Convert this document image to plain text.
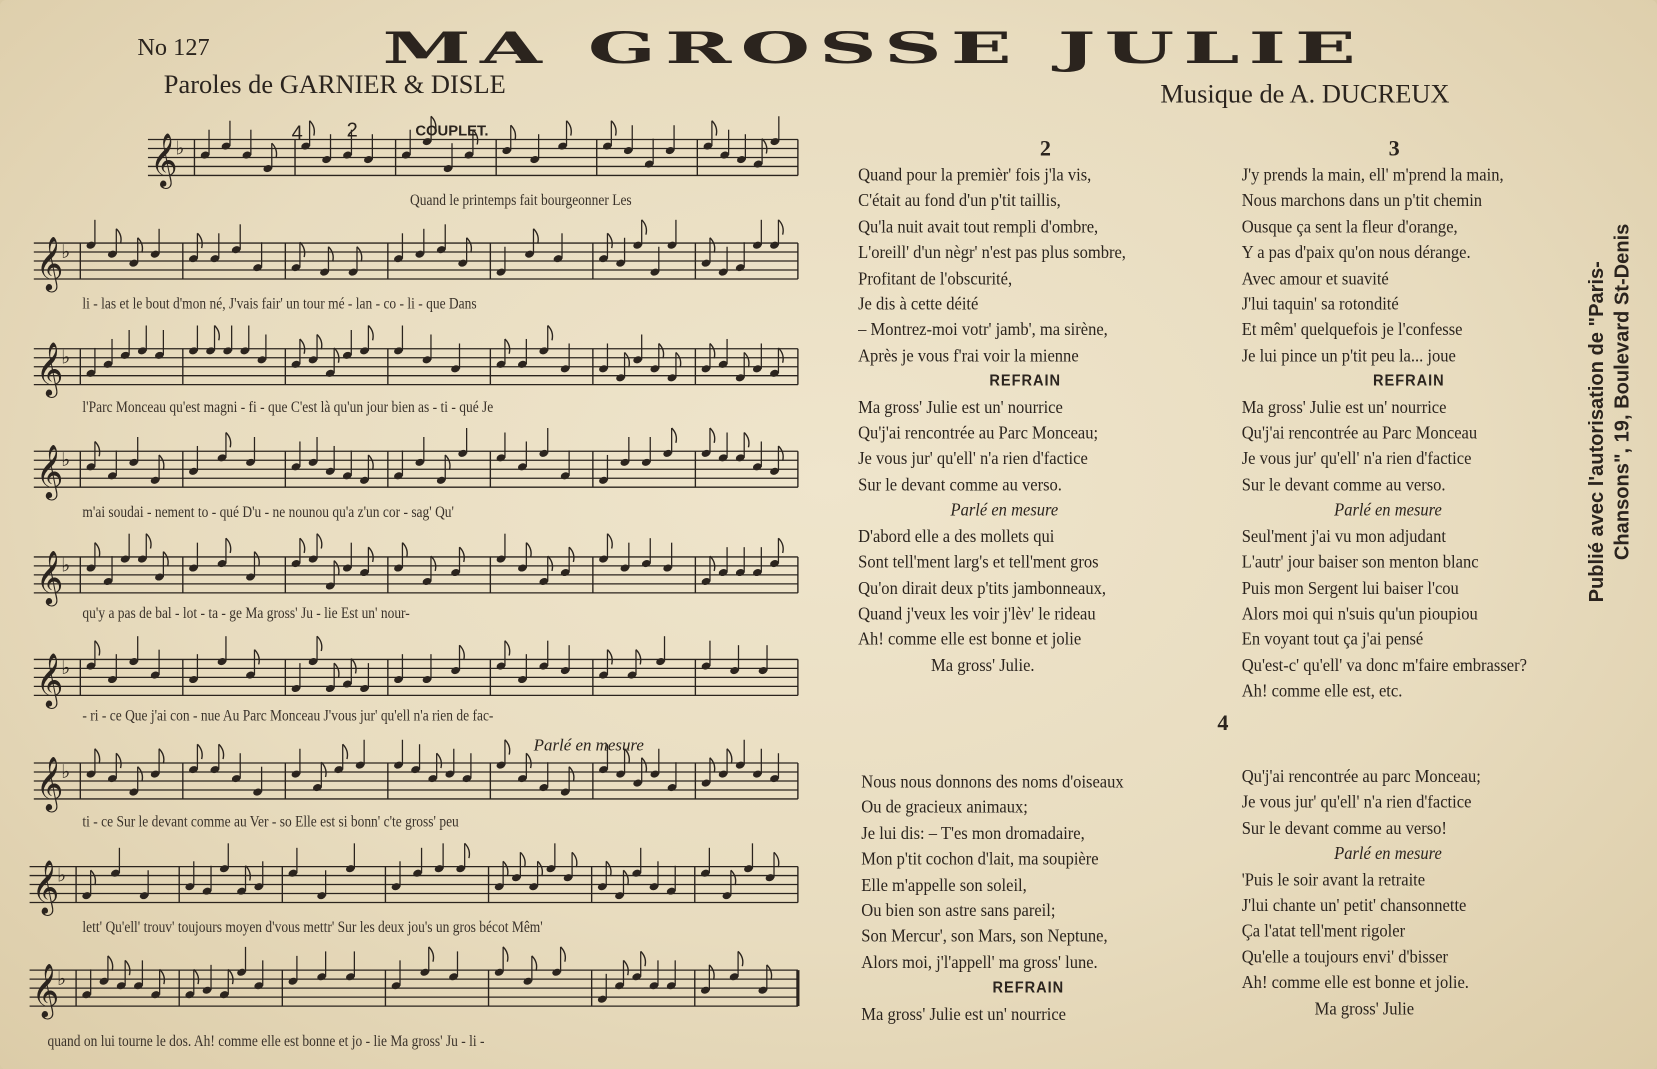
No 127	MA GROSSE JULIE
Paroles de GARNIER & DISLE	Musique de A. DUCREUX
𝄞
♭
𝄞
♭
𝄞
♭
𝄞
♭
𝄞
♭
𝄞
♭
𝄞
♭
𝄞
♭
𝄞
♭
4 2	COUPLET.
Parlé en mesure
Quand le printemps fait bourgeonner Les
li - las et le bout d'mon né, J'vais fair' un tour mé - lan - co - li - que Dans
l'Parc Monceau qu'est magni - fi - que C'est là qu'un jour bien as - ti - qué Je
m'ai soudai - nement to - qué D'u - ne nounou qu'a z'un cor - sag' Qu'
qu'y a pas de bal - lot - ta - ge Ma gross' Ju - lie Est un' nour-
- ri - ce Que j'ai con - nue Au Parc Monceau J'vous jur' qu'ell n'a rien de fac-
ti - ce Sur le devant comme au Ver - so Elle est si bonn' c'te gross' peu
lett' Qu'ell' trouv' toujours moyen d'vous mettr' Sur les deux jou's un gros bécot Mêm'
quand on lui tourne le dos. Ah! comme elle est bonne et jo - lie Ma gross' Ju - li -
2
Quand pour la premièr' fois j'la vis,
C'était au fond d'un p'tit taillis,
Qu'la nuit avait tout rempli d'ombre,
L'oreill' d'un nègr' n'est pas plus sombre,
Profitant de l'obscurité,
Je dis à cette déité
– Montrez-moi votr' jamb', ma sirène,
Après je vous f'rai voir la mienne
REFRAIN
Ma gross' Julie est un' nourrice
Qu'j'ai rencontrée au Parc Monceau;
Je vous jur' qu'ell' n'a rien d'factice
Sur le devant comme au verso.
Parlé en mesure
D'abord elle a des mollets qui
Sont tell'ment larg's et tell'ment gros
Qu'on dirait deux p'tits jambonneaux,
Quand j'veux les voir j'lèv' le rideau
Ah! comme elle est bonne et jolie
Ma gross' Julie.
3
J'y prends la main, ell' m'prend la main,
Nous marchons dans un p'tit chemin
Ousque ça sent la fleur d'orange,
Y a pas d'paix qu'on nous dérange.
Avec amour et suavité
J'lui taquin' sa rotondité
Et mêm' quelquefois je l'confesse
Je lui pince un p'tit peu la... joue
REFRAIN
Ma gross' Julie est un' nourrice
Qu'j'ai rencontrée au Parc Monceau
Je vous jur' qu'ell' n'a rien d'factice
Sur le devant comme au verso.
Parlé en mesure
Seul'ment j'ai vu mon adjudant
L'autr' jour baiser son menton blanc
Puis mon Sergent lui baiser l'cou
Alors moi qui n'suis qu'un pioupiou
En voyant tout ça j'ai pensé
Qu'est-c' qu'ell' va donc m'faire embrasser?
Ah! comme elle est, etc.
4
Nous nous donnons des noms d'oiseaux
Ou de gracieux animaux;
Je lui dis: – T'es mon dromadaire,
Mon p'tit cochon d'lait, ma soupière
Elle m'appelle son soleil,
Ou bien son astre sans pareil;
Son Mercur', son Mars, son Neptune,
Alors moi, j'l'appell' ma gross' lune.
REFRAIN
Ma gross' Julie est un' nourrice
Qu'j'ai rencontrée au parc Monceau;
Je vous jur' qu'ell' n'a rien d'factice
Sur le devant comme au verso!
Parlé en mesure
'Puis le soir avant la retraite
J'lui chante un' petit' chansonnette
Ça l'atat tell'ment rigoler
Qu'elle a toujours envi' d'bisser
Ah! comme elle est bonne et jolie.
Ma gross' Julie
Publié avec l'autorisation de "Paris- Chansons", 19, Boulevard St-Denis
